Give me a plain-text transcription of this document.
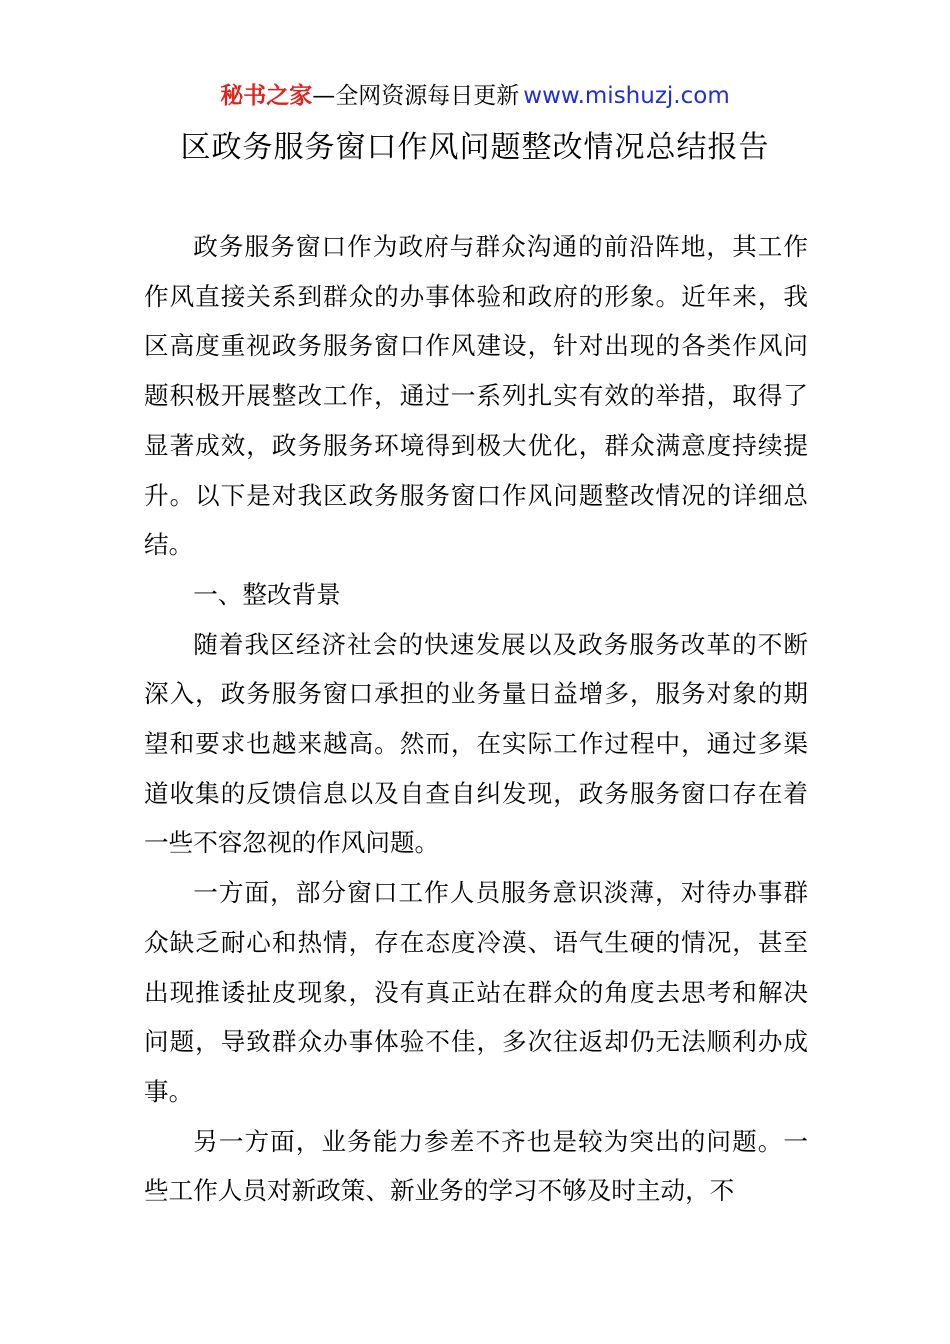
秘书之家—全网资源每日更新 www.mishuzj.com
区政务服务窗口作风问题整改情况总结报告

政务服务窗口作为政府与群众沟通的前沿阵地，其工作作风直接关系到群众的办事体验和政府的形象。近年来，我区高度重视政务服务窗口作风建设，针对出现的各类作风问题积极开展整改工作，通过一系列扎实有效的举措，取得了显著成效，政务服务环境得到极大优化，群众满意度持续提升。以下是对我区政务服务窗口作风问题整改情况的详细总结。

一、整改背景

随着我区经济社会的快速发展以及政务服务改革的不断深入，政务服务窗口承担的业务量日益增多，服务对象的期望和要求也越来越高。然而，在实际工作过程中，通过多渠道收集的反馈信息以及自查自纠发现，政务服务窗口存在着一些不容忽视的作风问题。

一方面，部分窗口工作人员服务意识淡薄，对待办事群众缺乏耐心和热情，存在态度冷漠、语气生硬的情况，甚至出现推诿扯皮现象，没有真正站在群众的角度去思考和解决问题，导致群众办事体验不佳，多次往返却仍无法顺利办成事。

另一方面，业务能力参差不齐也是较为突出的问题。一些工作人员对新政策、新业务的学习不够及时主动，不
